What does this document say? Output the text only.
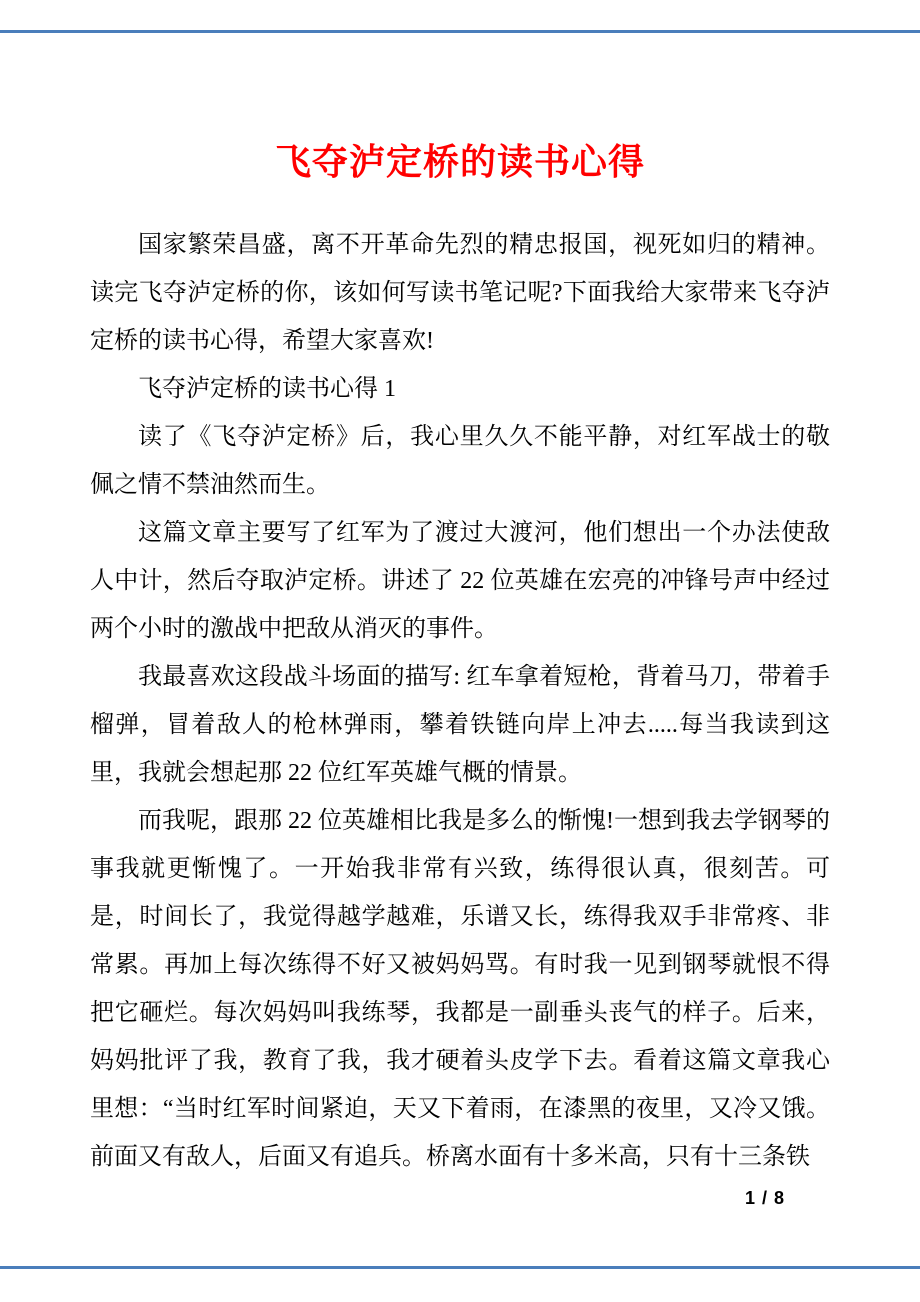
飞夺泸定桥的读书心得

国家繁荣昌盛，离不开革命先烈的精忠报国，视死如归的精神。读完飞夺泸定桥的你，该如何写读书笔记呢?下面我给大家带来飞夺泸定桥的读书心得，希望大家喜欢!

飞夺泸定桥的读书心得 1

读了《飞夺泸定桥》后，我心里久久不能平静，对红军战士的敬佩之情不禁油然而生。

这篇文章主要写了红军为了渡过大渡河，他们想出一个办法使敌人中计，然后夺取泸定桥。讲述了 22 位英雄在宏亮的冲锋号声中经过两个小时的激战中把敌从消灭的事件。

我最喜欢这段战斗场面的描写: 红车拿着短枪，背着马刀，带着手榴弹，冒着敌人的枪林弹雨，攀着铁链向岸上冲去.....每当我读到这里，我就会想起那 22 位红军英雄气概的情景。

而我呢，跟那 22 位英雄相比我是多么的惭愧!一想到我去学钢琴的事我就更惭愧了。一开始我非常有兴致，练得很认真，很刻苦。可是，时间长了，我觉得越学越难，乐谱又长，练得我双手非常疼、非常累。再加上每次练得不好又被妈妈骂。有时我一见到钢琴就恨不得把它砸烂。每次妈妈叫我练琴，我都是一副垂头丧气的样子。后来，妈妈批评了我，教育了我，我才硬着头皮学下去。看着这篇文章我心里想：“当时红军时间紧迫，天又下着雨，在漆黑的夜里，又冷又饿。前面又有敌人，后面又有追兵。桥离水面有十多米高，只有十三条铁

1 / 8
